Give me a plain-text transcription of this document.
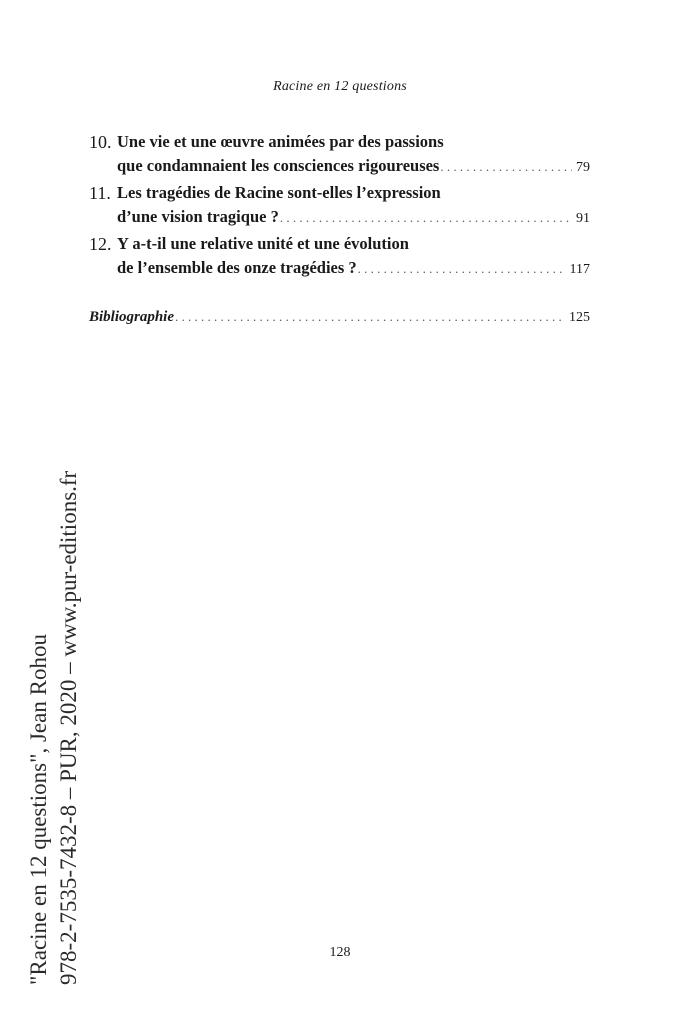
Racine en 12 questions
10. Une vie et une œuvre animées par des passions
que condamnaient les consciences rigoureuses . . .	79
11. Les tragédies de Racine sont-elles l’expression
d’une vision tragique ? . . .	91
12. Y a-t-il une relative unité et une évolution
de l’ensemble des onze tragédies ? . . .	117
Bibliographie . . .	125
"Racine en 12 questions", Jean Rohou 978-2-7535-7432-8 – PUR, 2020 – www.pur-editions.fr	128
